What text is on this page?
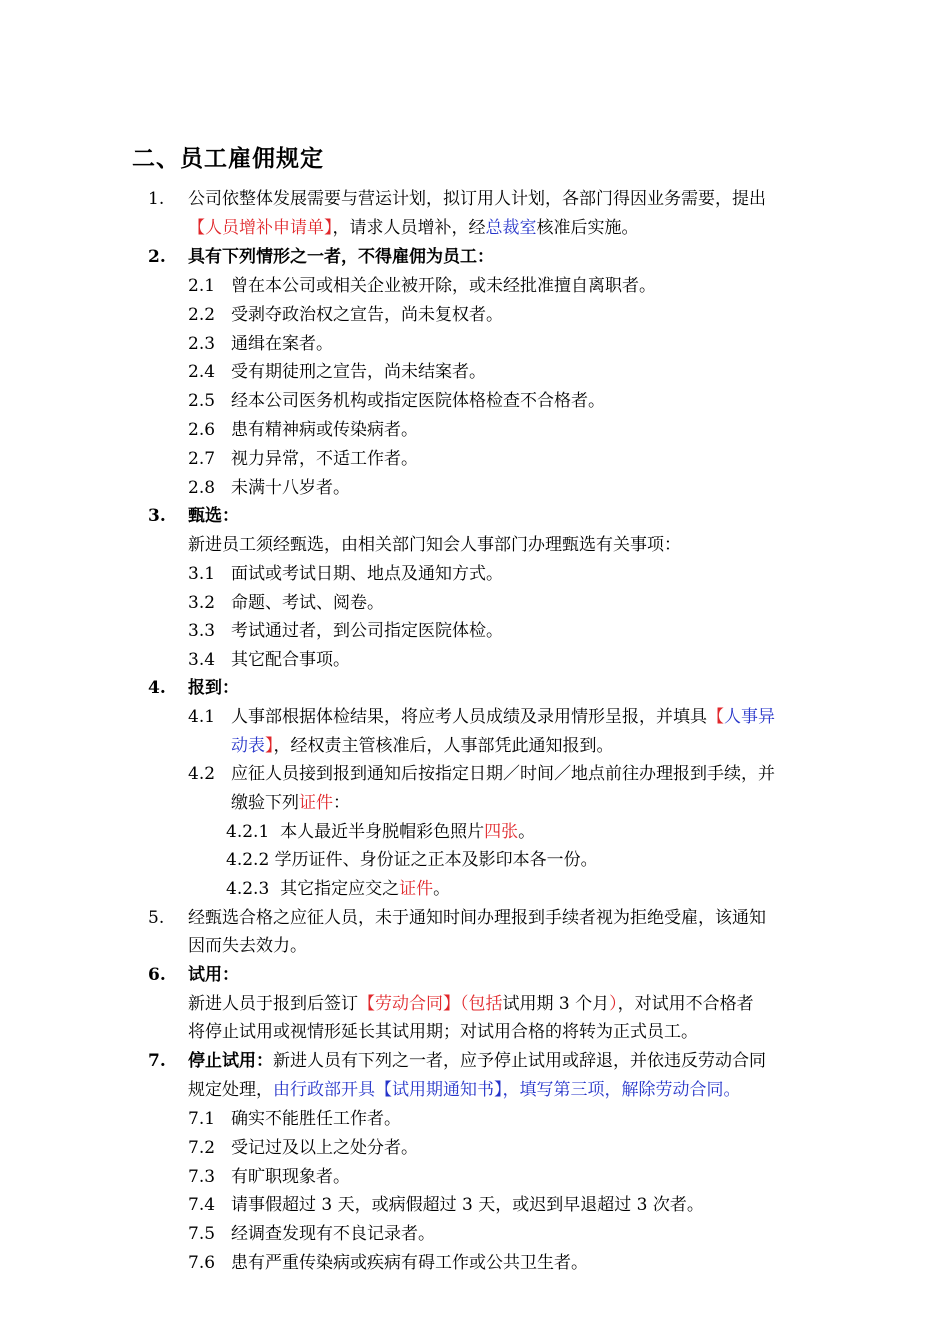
二、员工雇佣规定
1. 公司依整体发展需要与营运计划，拟订用人计划，各部门得因业务需要，提出
【人员增补申请单】，请求人员增补，经总裁室核准后实施。
2. 具有下列情形之一者，不得雇佣为员工：
2.1 曾在本公司或相关企业被开除，或未经批准擅自离职者。
2.2 受剥夺政治权之宣告，尚未复权者。
2.3 通缉在案者。
2.4 受有期徒刑之宣告，尚未结案者。
2.5 经本公司医务机构或指定医院体格检查不合格者。
2.6 患有精神病或传染病者。
2.7 视力异常，不适工作者。
2.8 未满十八岁者。
3. 甄选：
新进员工须经甄选，由相关部门知会人事部门办理甄选有关事项：
3.1 面试或考试日期、地点及通知方式。
3.2 命题、考试、阅卷。
3.3 考试通过者，到公司指定医院体检。
3.4 其它配合事项。
4. 报到：
4.1 人事部根据体检结果，将应考人员成绩及录用情形呈报，并填具【人事异
动表】，经权责主管核准后，人事部凭此通知报到。
4.2 应征人员接到报到通知后按指定日期／时间／地点前往办理报到手续，并
缴验下列证件：
4.2.1 本人最近半身脱帽彩色照片四张。
4.2.2 学历证件、身份证之正本及影印本各一份。
4.2.3 其它指定应交之证件。
5. 经甄选合格之应征人员，未于通知时间办理报到手续者视为拒绝受雇，该通知
因而失去效力。
6. 试用：
新进人员于报到后签订【劳动合同】（包括试用期 3 个月），对试用不合格者
将停止试用或视情形延长其试用期；对试用合格的将转为正式员工。
7. 停止试用：新进人员有下列之一者，应予停止试用或辞退，并依违反劳动合同
规定处理，由行政部开具【试用期通知书】，填写第三项，解除劳动合同。
7.1 确实不能胜任工作者。
7.2 受记过及以上之处分者。
7.3 有旷职现象者。
7.4 请事假超过 3 天，或病假超过 3 天，或迟到早退超过 3 次者。
7.5 经调查发现有不良记录者。
7.6 患有严重传染病或疾病有碍工作或公共卫生者。
